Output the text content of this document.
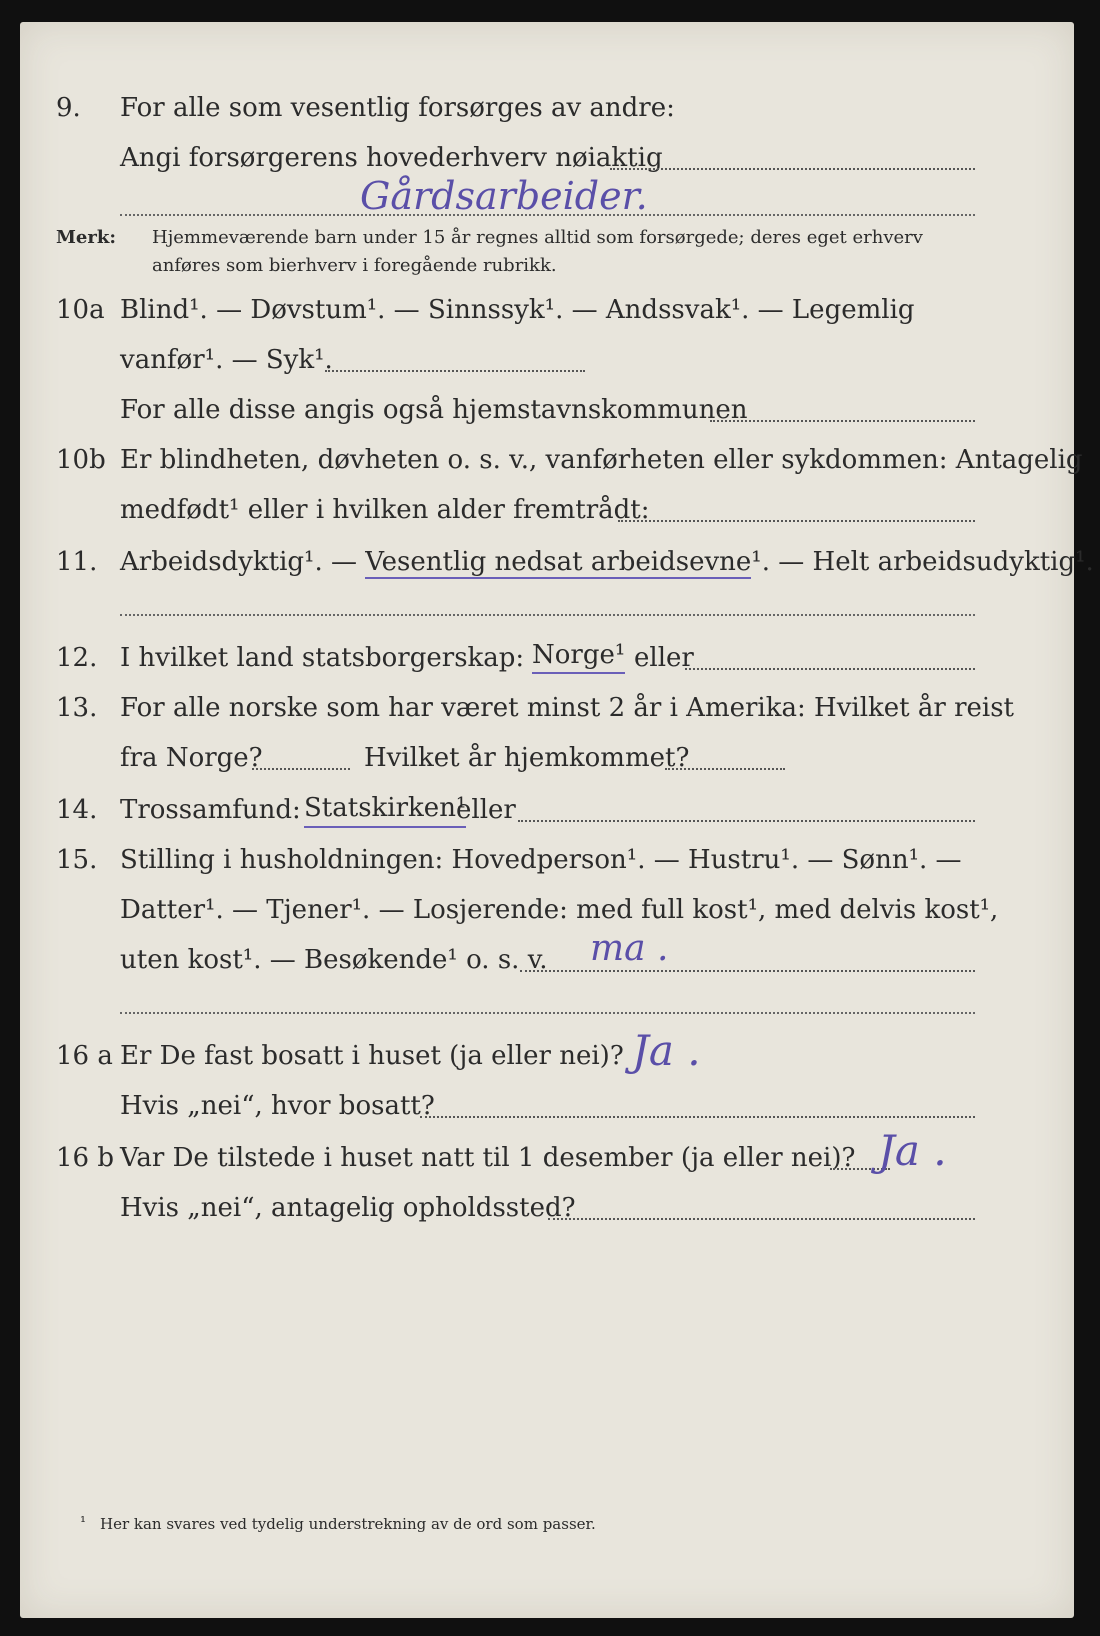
9. For alle som vesentlig forsørges av andre:
Angi forsørgerens hovederhverv nøiaktig
Gårdsarbeider.
Merk: Hjemmeværende barn under 15 år regnes alltid som forsørgede; deres eget erhverv
anføres som bierhverv i foregående rubrikk.
10a Blind¹. — Døvstum¹. — Sinnssyk¹. — Andssvak¹. — Legemlig
vanfør¹. — Syk¹.
For alle disse angis også hjemstavnskommunen
10b Er blindheten, døvheten o. s. v., vanførheten eller sykdommen: Antagelig
medfødt¹ eller i hvilken alder fremtrådt:
11. Arbeidsdyktig¹. — Vesentlig nedsat arbeidsevne¹. — Helt arbeidsudyktig¹.
12. I hvilket land statsborgerskap: Norge¹ eller
13. For alle norske som har været minst 2 år i Amerika: Hvilket år reist
fra Norge?	Hvilket år hjemkommet?
14. Trossamfund: Statskirken¹
eller
15. Stilling i husholdningen: Hovedperson¹. — Hustru¹. — Sønn¹. —
Datter¹. — Tjener¹. — Losjerende: med full kost¹, med delvis kost¹,
uten kost¹. — Besøkende¹ o. s. v. ma .
16 a Er De fast bosatt i huset (ja eller nei)? Ja .
Hvis „nei“, hvor bosatt?
16 b Var De tilstede i huset natt til 1 desember (ja eller nei)? Ja .
Hvis „nei“, antagelig opholdssted?
¹ Her kan svares ved tydelig understrekning av de ord som passer.
